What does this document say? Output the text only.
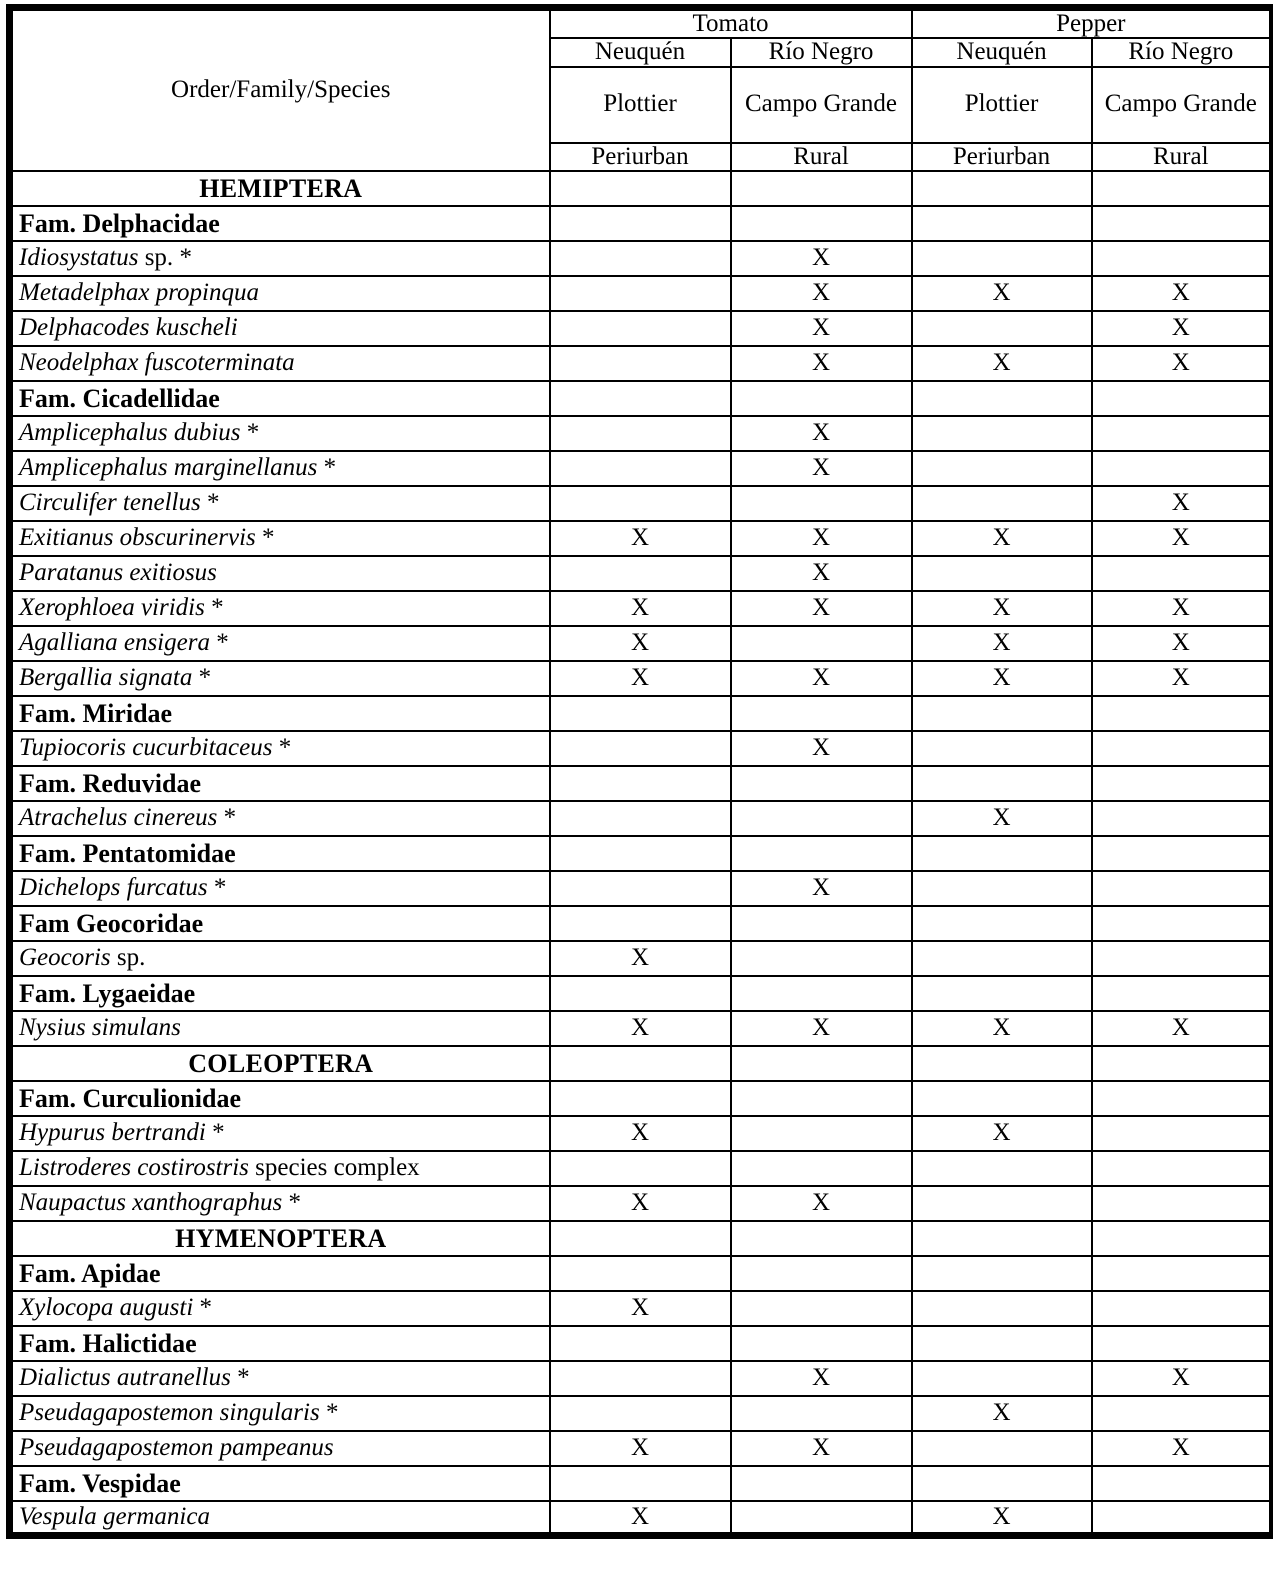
Order/Family/Species	Tomato		Pepper	
	Neuquén	Río Negro	Neuquén	Río Negro
	Plottier	Campo Grande	Plottier	Campo Grande
	Periurban	Rural	Periurban	Rural
HEMIPTERA				
Fam. Delphacidae				
Idiosystatus sp. *		X		
Metadelphax propinqua		X	X	X
Delphacodes kuscheli		X		X
Neodelphax fuscoterminata		X	X	X
Fam. Cicadellidae				
Amplicephalus dubius *		X		
Amplicephalus marginellanus *		X		
Circulifer tenellus *				X
Exitianus obscurinervis *	X	X	X	X
Paratanus exitiosus		X		
Xerophloea viridis *	X	X	X	X
Agalliana ensigera *	X		X	X
Bergallia signata *	X	X	X	X
Fam. Miridae				
Tupiocoris cucurbitaceus *		X		
Fam. Reduvidae				
Atrachelus cinereus *			X	
Fam. Pentatomidae				
Dichelops furcatus *		X		
Fam Geocoridae				
Geocoris sp.	X			
Fam. Lygaeidae				
Nysius simulans	X	X	X	X
COLEOPTERA				
Fam. Curculionidae				
Hypurus bertrandi *	X		X	
Listroderes costirostris species complex				
Naupactus xanthographus *	X	X		
HYMENOPTERA				
Fam. Apidae				
Xylocopa augusti *	X			
Fam. Halictidae				
Dialictus autranellus *		X		X
Pseudagapostemon singularis *			X	
Pseudagapostemon pampeanus	X	X		X
Fam. Vespidae				
Vespula germanica	X		X	
